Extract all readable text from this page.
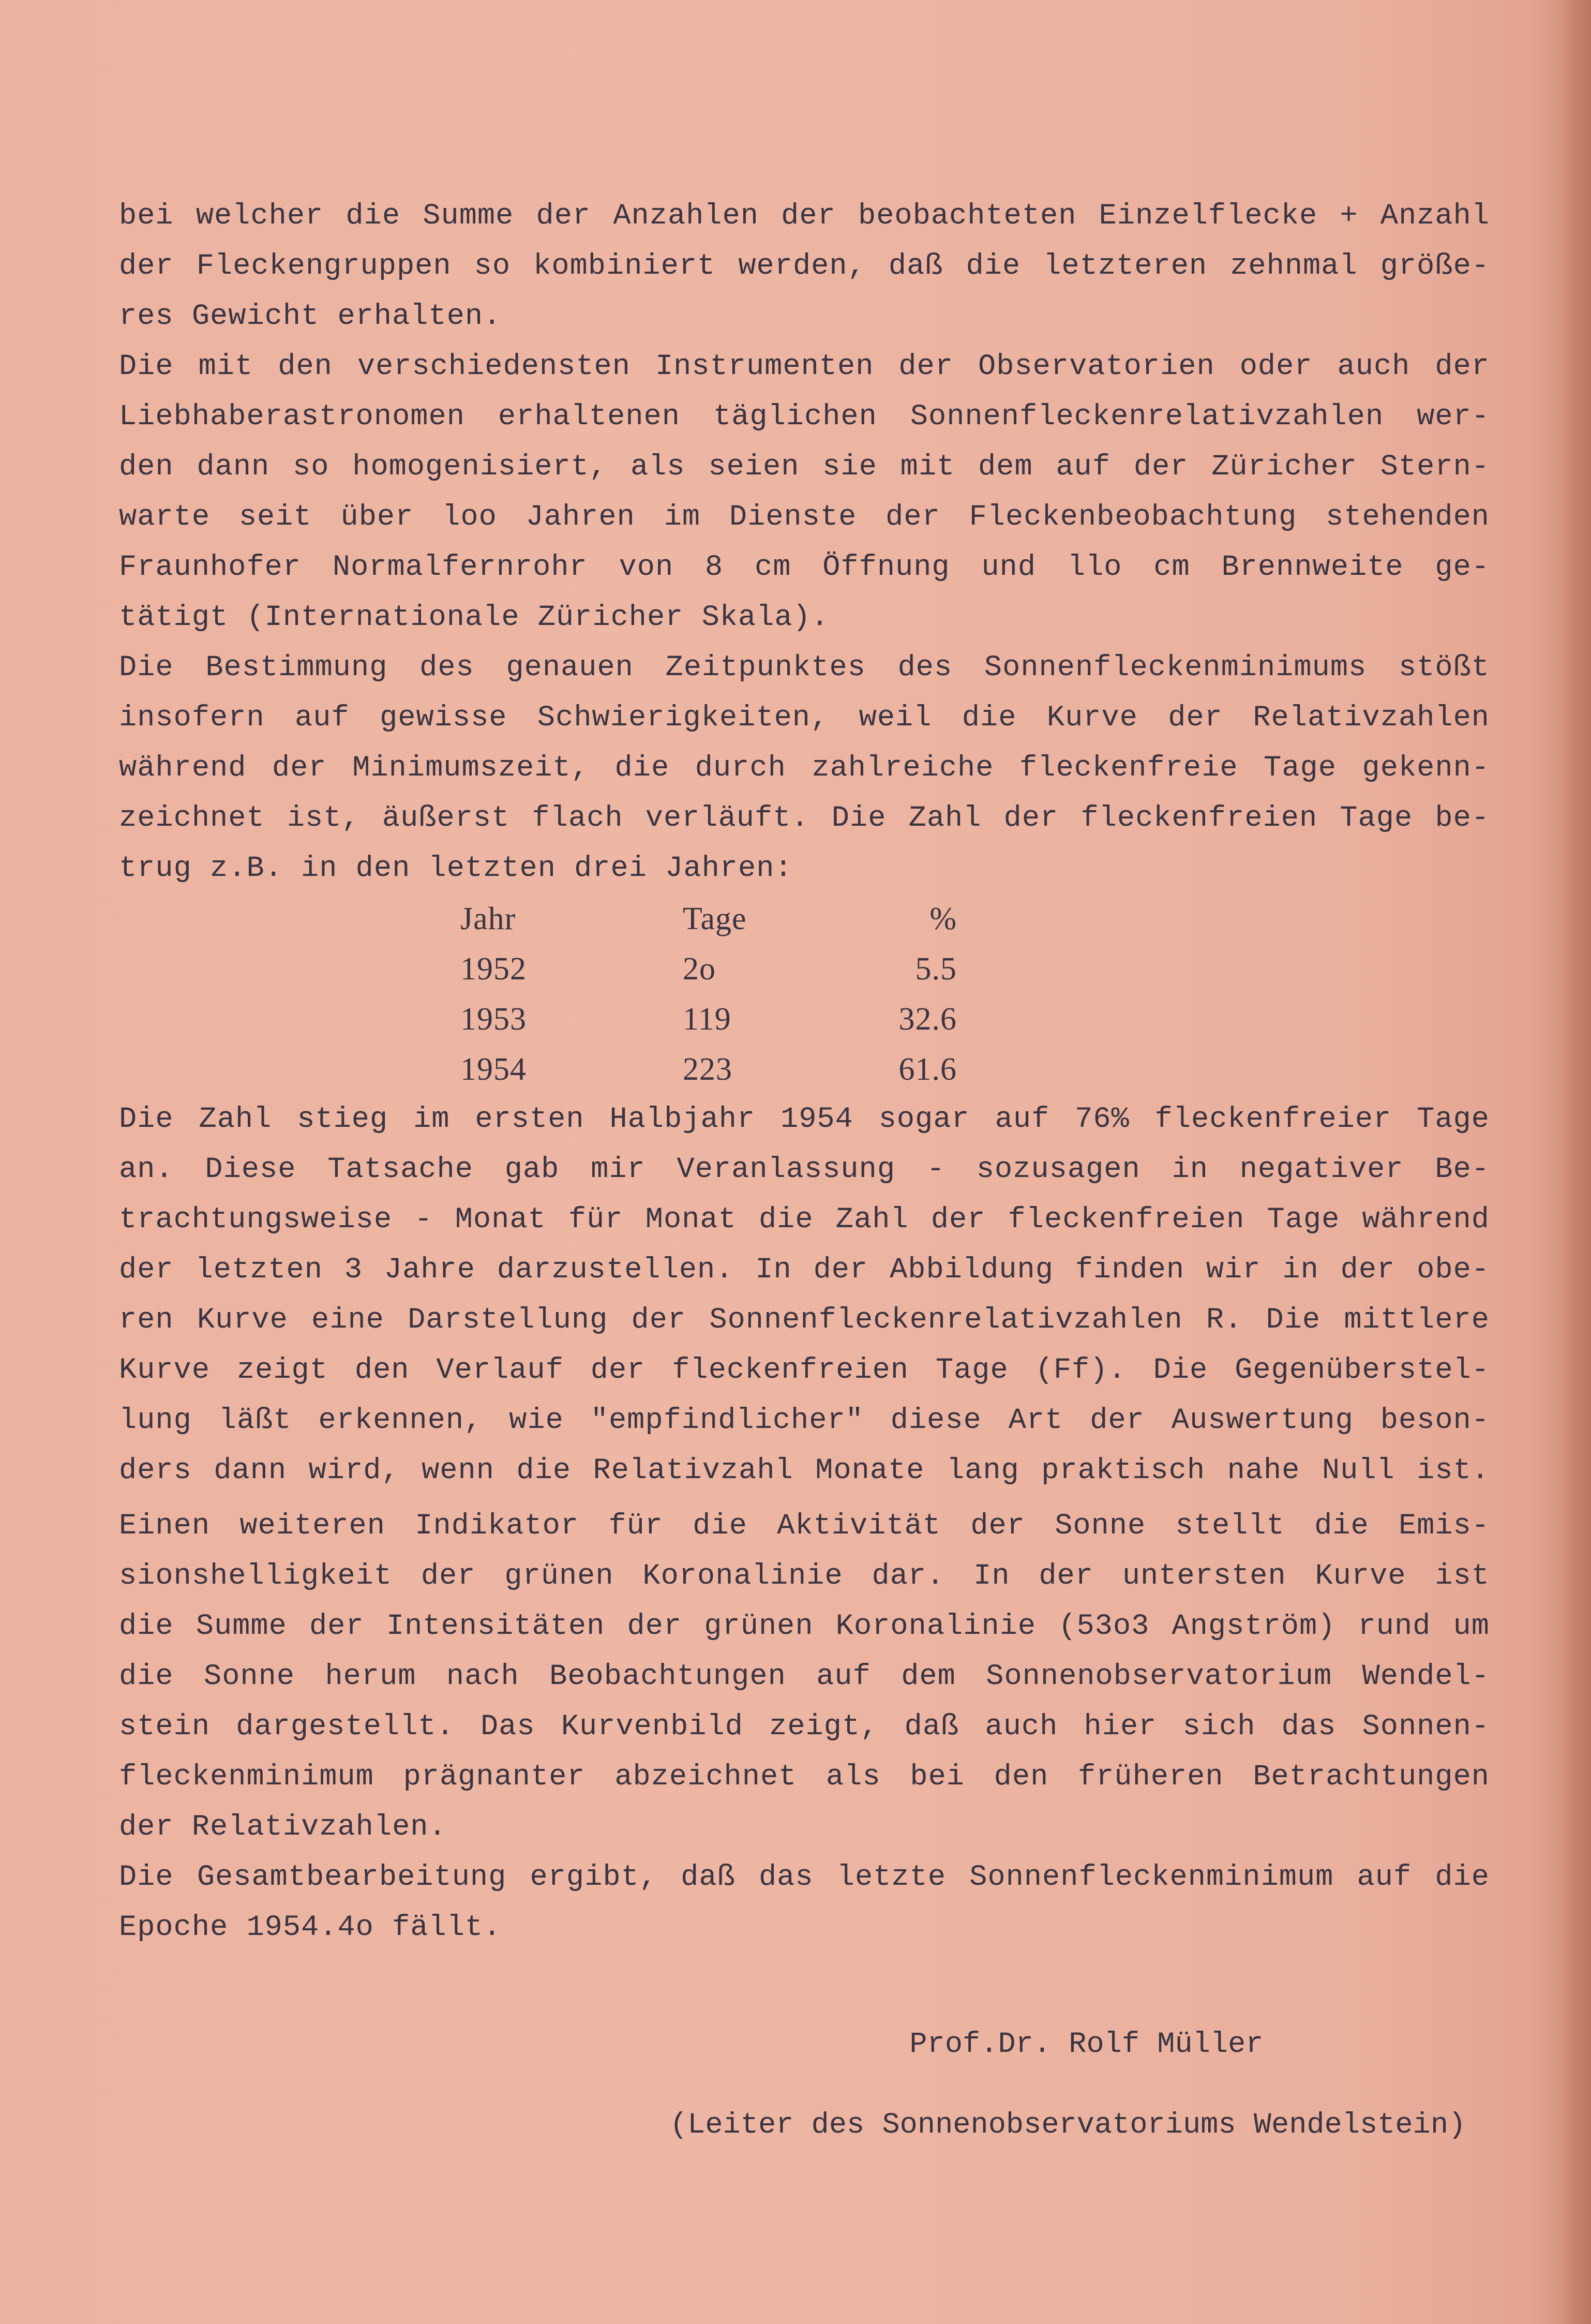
bei welcher die Summe der Anzahlen der beobachteten Einzelflecke + Anzahl
der Fleckengruppen so kombiniert werden, daß die letzteren zehnmal größe-
res Gewicht erhalten.
Die mit den verschiedensten Instrumenten der Observatorien oder auch der
Liebhaberastronomen erhaltenen täglichen Sonnenfleckenrelativzahlen wer-
den dann so homogenisiert, als seien sie mit dem auf der Züricher Stern-
warte seit über loo Jahren im Dienste der Fleckenbeobachtung stehenden
Fraunhofer Normalfernrohr von 8 cm Öffnung und llo cm Brennweite ge-
tätigt (Internationale Züricher Skala).
Die Bestimmung des genauen Zeitpunktes des Sonnenfleckenminimums stößt
insofern auf gewisse Schwierigkeiten, weil die Kurve der Relativzahlen
während der Minimumszeit, die durch zahlreiche fleckenfreie Tage gekenn-
zeichnet ist, äußerst flach verläuft. Die Zahl der fleckenfreien Tage be-
trug z.B. in den letzten drei Jahren:
Jahr	Tage	%
1952	2o	5.5
1953	119	32.6
1954	223	61.6
Die Zahl stieg im ersten Halbjahr 1954 sogar auf 76% fleckenfreier Tage
an. Diese Tatsache gab mir Veranlassung - sozusagen in negativer Be-
trachtungsweise - Monat für Monat die Zahl der fleckenfreien Tage während
der letzten 3 Jahre darzustellen. In der Abbildung finden wir in der obe-
ren Kurve eine Darstellung der Sonnenfleckenrelativzahlen R. Die mittlere
Kurve zeigt den Verlauf der fleckenfreien Tage (Ff). Die Gegenüberstel-
lung läßt erkennen, wie "empfindlicher" diese Art der Auswertung beson-
ders dann wird, wenn die Relativzahl Monate lang praktisch nahe Null ist.
Einen weiteren Indikator für die Aktivität der Sonne stellt die Emis-
sionshelligkeit der grünen Koronalinie dar. In der untersten Kurve ist
die Summe der Intensitäten der grünen Koronalinie (53o3 Angström) rund um
die Sonne herum nach Beobachtungen auf dem Sonnenobservatorium Wendel-
stein dargestellt. Das Kurvenbild zeigt, daß auch hier sich das Sonnen-
fleckenminimum prägnanter abzeichnet als bei den früheren Betrachtungen
der Relativzahlen.
Die Gesamtbearbeitung ergibt, daß das letzte Sonnenfleckenminimum auf die
Epoche 1954.4o fällt.

Prof.Dr. Rolf Müller

(Leiter des Sonnenobservatoriums Wendelstein)
